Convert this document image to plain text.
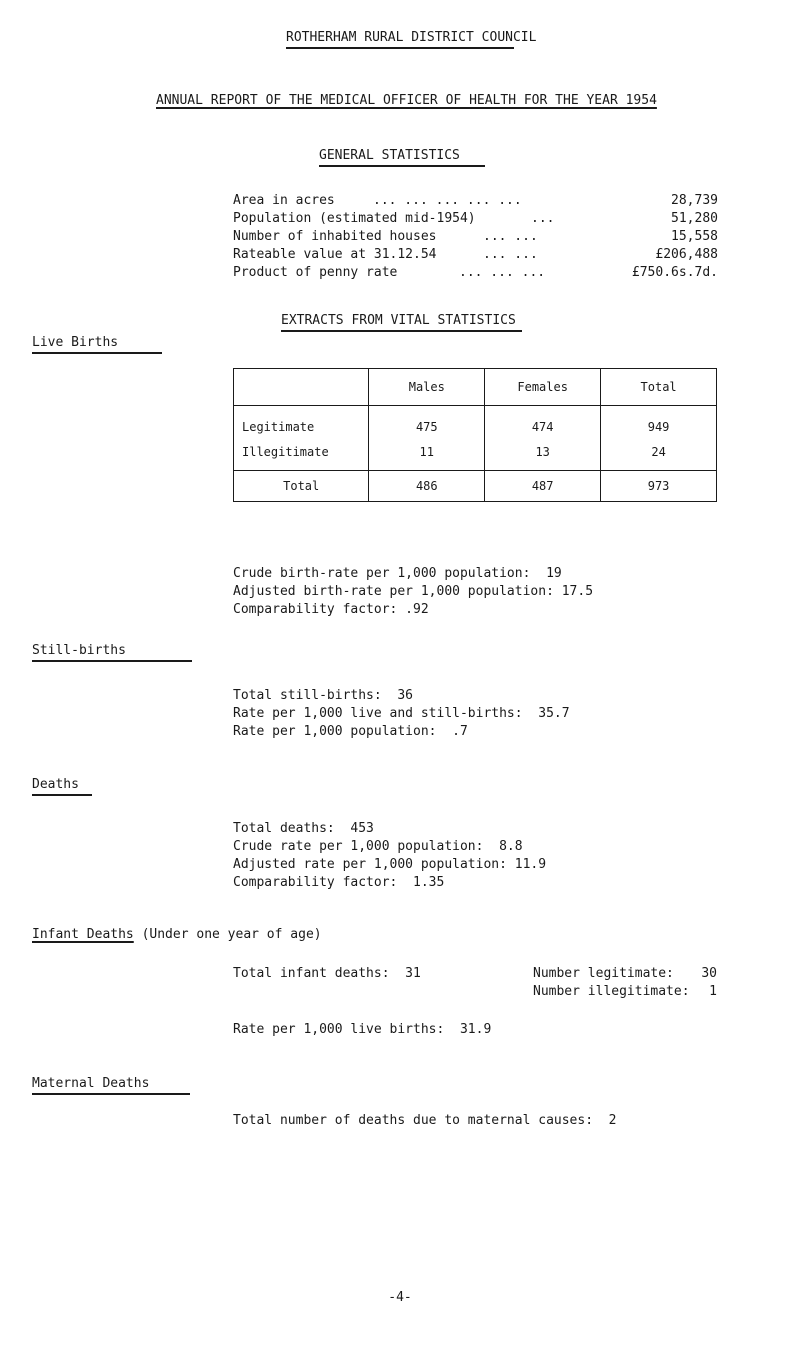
ROTHERHAM RURAL DISTRICT COUNCIL
ANNUAL REPORT OF THE MEDICAL OFFICER OF HEALTH FOR THE YEAR 1954
GENERAL STATISTICS
Area in acres	... ... ... ... ...	28,739
Population (estimated mid-1954)	...	51,280
Number of inhabited houses	... ...	15,558
Rateable value at 31.12.54	... ...	£206,488
Product of penny rate	... ... ...	£750.6s.7d.
EXTRACTS FROM VITAL STATISTICS
Live Births
	Males	Females	Total
Legitimate	475	474	949
Illegitimate	11	13	24
Total	486	487	973
Crude birth-rate per 1,000 population:  19
Adjusted birth-rate per 1,000 population: 17.5
Comparability factor: .92
Still-births
Total still-births:  36
Rate per 1,000 live and still-births:  35.7
Rate per 1,000 population:  .7
Deaths
Total deaths:  453
Crude rate per 1,000 population:  8.8
Adjusted rate per 1,000 population: 11.9
Comparability factor:  1.35
Infant Deaths (Under one year of age)
Total infant deaths:  31	Number legitimate:	30
Number illegitimate:	1
Rate per 1,000 live births:  31.9
Maternal Deaths
Total number of deaths due to maternal causes:  2
-4-
